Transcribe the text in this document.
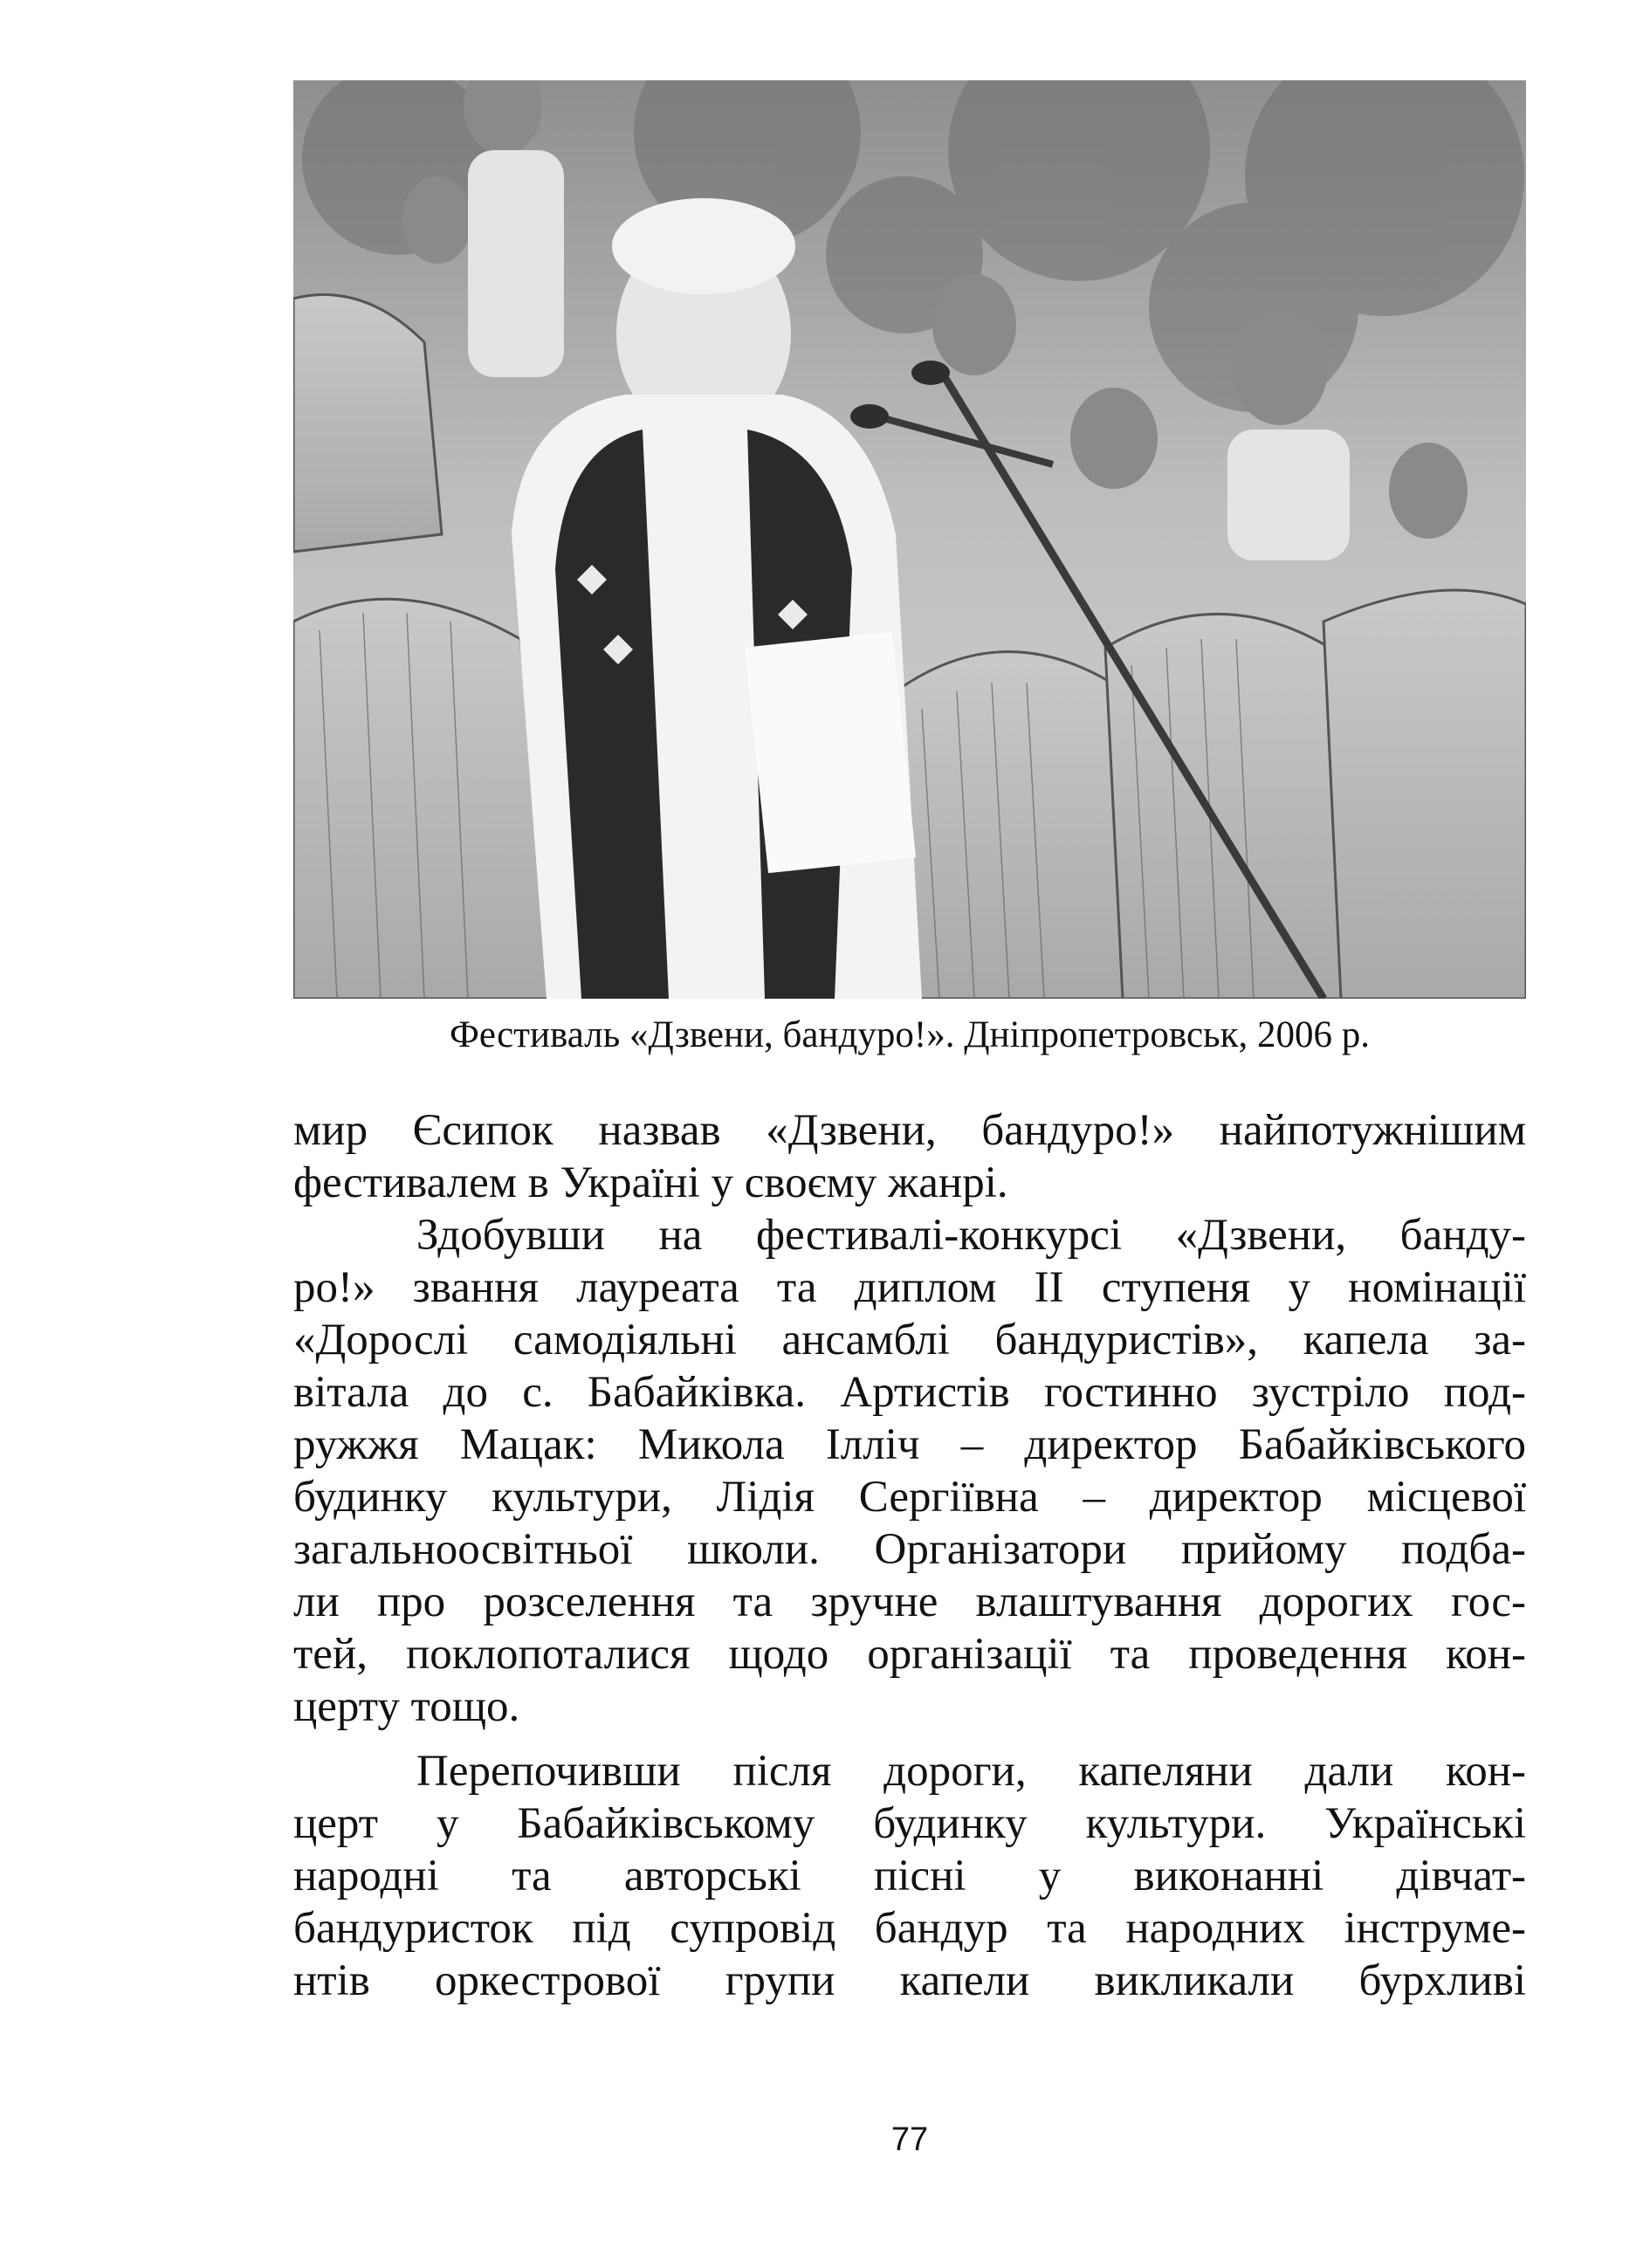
Фестиваль «Дзвени, бандуро!». Дніпропетровськ, 2006 р.
мир Єсипок назвав «Дзвени, бандуро!» найпотужнішим
фестивалем в Україні у своєму жанрі.
Здобувши на фестивалі-конкурсі «Дзвени, банду-
ро!» звання лауреата та диплом II ступеня у номінації
«Дорослі самодіяльні ансамблі бандуристів», капела за-
вітала до с. Бабайківка. Артистів гостинно зустріло под-
ружжя Мацак: Микола Ілліч – директор Бабайківського
будинку культури, Лідія Сергіївна – директор місцевої
загальноосвітньої школи. Організатори прийому подба-
ли про розселення та зручне влаштування дорогих гос-
тей, поклопоталися щодо організації та проведення кон-
церту тощо.
Перепочивши після дороги, капеляни дали кон-
церт у Бабайківському будинку культури. Українські
народні та авторські пісні у виконанні дівчат-
бандуристок під супровід бандур та народних інструме-
нтів оркестрової групи капели викликали бурхливі
77
